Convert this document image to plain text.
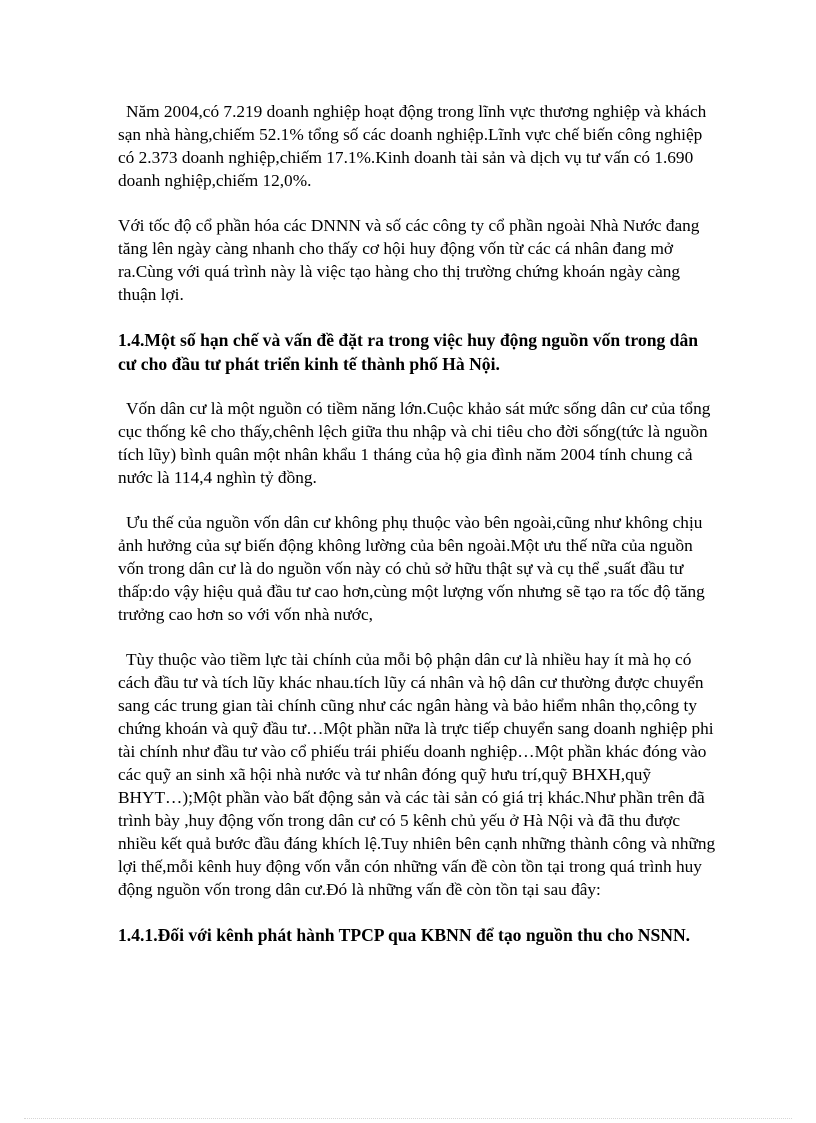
Năm 2004,có 7.219 doanh nghiệp hoạt động trong lĩnh vực thương nghiệp và khách sạn nhà hàng,chiếm 52.1% tổng số các doanh nghiệp.Lĩnh vực chế biến công nghiệp có 2.373 doanh nghiệp,chiếm 17.1%.Kinh doanh tài sản và dịch vụ tư vấn có 1.690 doanh nghiệp,chiếm 12,0%.

Với tốc độ cổ phần hóa các DNNN và số các công ty cổ phần ngoài Nhà Nước đang tăng lên ngày càng nhanh cho thấy cơ hội huy động vốn từ các cá nhân đang mở ra.Cùng với quá trình này là việc tạo hàng cho thị trường chứng khoán ngày càng thuận lợi.

1.4.Một số hạn chế và vấn đề đặt ra trong việc huy động nguồn vốn trong dân cư cho đầu tư phát triển kinh tế thành phố Hà Nội.

Vốn dân cư là một nguồn có tiềm năng lớn.Cuộc khảo sát mức sống dân cư của tổng cục thống kê cho thấy,chênh lệch giữa thu nhập và chi tiêu cho đời sống(tức là nguồn tích lũy) bình quân một nhân khẩu 1 tháng của hộ gia đình năm 2004 tính chung cả nước là 114,4 nghìn tỷ đồng.

Ưu thế của nguồn vốn dân cư không phụ thuộc vào bên ngoài,cũng như không chịu ảnh hưởng của sự biến động không lường của bên ngoài.Một ưu thế nữa của nguồn vốn trong dân cư là do nguồn vốn này có chủ sở hữu thật sự và cụ thể ,suất đầu tư thấp:do vậy hiệu quả đầu tư cao hơn,cùng một lượng vốn nhưng sẽ tạo ra tốc độ tăng trưởng cao hơn so với vốn nhà nước,

Tùy thuộc vào tiềm lực tài chính của mỗi bộ phận dân cư là nhiều hay ít mà họ có cách đầu tư và tích lũy khác nhau.tích lũy cá nhân và hộ dân cư thường được chuyển sang các trung gian tài chính cũng như các ngân hàng và bảo hiểm nhân thọ,công ty chứng khoán và quỹ đầu tư…Một phần nữa là trực tiếp chuyển sang doanh nghiệp phi tài chính như đầu tư vào cổ phiếu trái phiếu doanh nghiệp…Một phần khác đóng vào các quỹ an sinh xã hội nhà nước và tư nhân đóng quỹ hưu trí,quỹ BHXH,quỹ BHYT…);Một phần vào bất động sản và các tài sản có giá trị khác.Như phần trên đã trình bày ,huy động vốn trong dân cư có 5 kênh chủ yếu ở Hà Nội và đã thu được nhiều kết quả bước đầu đáng khích lệ.Tuy nhiên bên cạnh những thành công và những lợi thế,mỗi kênh huy động vốn vẫn cón những vấn đề còn tồn tại trong quá trình huy động nguồn vốn trong dân cư.Đó là những vấn đề còn tồn tại sau đây:

1.4.1.Đối với kênh phát hành TPCP qua KBNN để tạo nguồn thu cho NSNN.
